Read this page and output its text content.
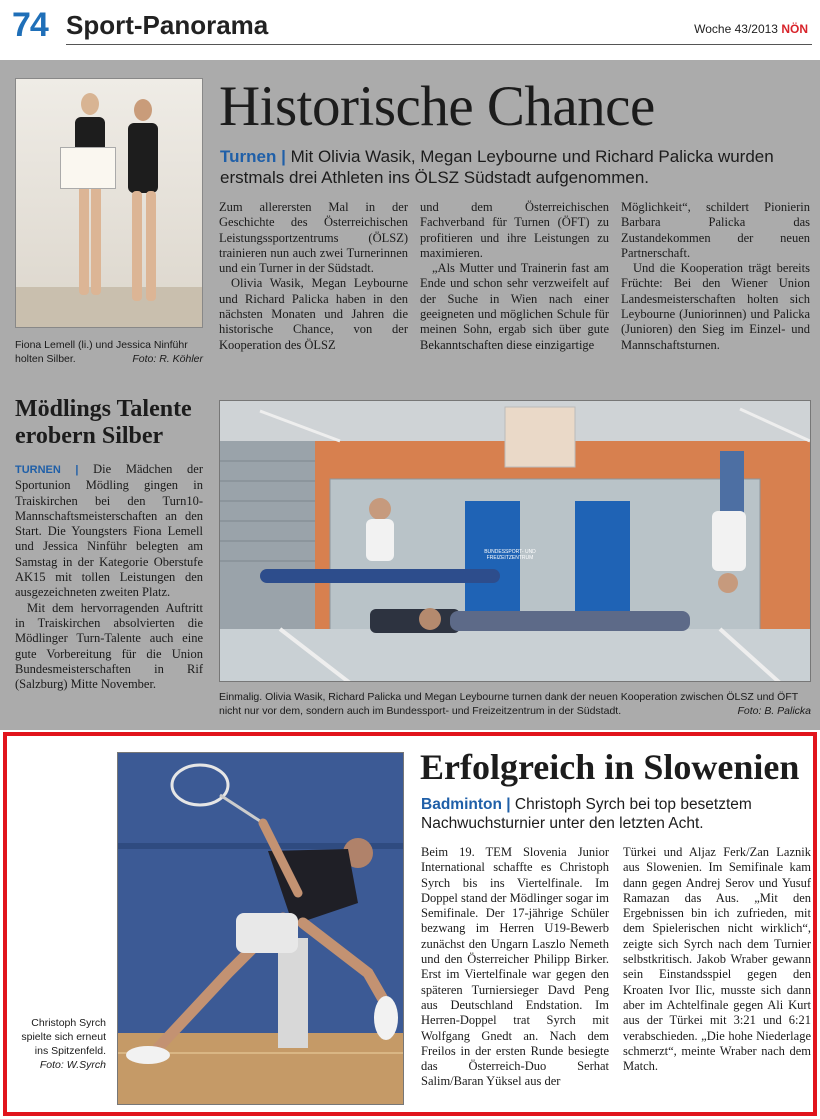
74 Sport-Panorama	Woche 43/2013 NÖN
Fiona Lemell (li.) und Jessica Ninführ holten Silber.	Foto: R. Köhler
Historische Chance
Turnen | Mit Olivia Wasik, Megan Leybourne und Richard Palicka wurden erstmals drei Athleten ins ÖLSZ Südstadt aufgenommen.

Zum allerersten Mal in der Geschichte des Österreichischen Leistungssportzentrums (ÖLSZ) trainieren nun auch zwei Turnerinnen und ein Turner in der Südstadt.

Olivia Wasik, Megan Leybourne und Richard Palicka haben in den nächsten Monaten und Jahren die historische Chance, von der Kooperation des ÖLSZ

und dem Österreichischen Fachverband für Turnen (ÖFT) zu profitieren und ihre Leistungen zu maximieren.

„Als Mutter und Trainerin fast am Ende und schon sehr verzweifelt auf der Suche in Wien nach einer geeigneten und möglichen Schule für meinen Sohn, ergab sich über gute Bekanntschaften diese einzigartige

Möglichkeit“, schildert Pionierin Barbara Palicka das Zustandekommen der neuen Partnerschaft.

Und die Kooperation trägt bereits Früchte: Bei den Wiener Union Landesmeisterschaften holten sich Leybourne (Juniorinnen) und Palicka (Junioren) den Sieg im Einzel- und Mannschaftsturnen.

Mödlings Talente erobern Silber

TURNEN | Die Mädchen der Sportunion Mödling gingen in Traiskirchen bei den Turn10-Mannschaftsmeisterschaften an den Start. Die Youngsters Fiona Lemell und Jessica Ninführ belegten am Samstag in der Kategorie Oberstufe AK15 mit tollen Leistungen den ausgezeichneten zweiten Platz.

Mit dem hervorragenden Auftritt in Traiskirchen absolvierten die Mödlinger Turn-Talente auch eine gute Vorbereitung für die Union Bundesmeisterschaften in Rif (Salzburg) Mitte November.

BUNDESSPORT- UND FREIZEITZENTRUM
Einmalig. Olivia Wasik, Richard Palicka und Megan Leybourne turnen dank der neuen Kooperation zwischen ÖLSZ und ÖFT nicht nur vor dem, sondern auch im Bundessport- und Freizeitzentrum in der Südstadt.	Foto: B. Palicka
Christoph Syrch spielte sich erneut ins Spitzenfeld.
Foto: W.Syrch
Erfolgreich in Slowenien
Badminton | Christoph Syrch bei top besetztem Nachwuchsturnier unter den letzten Acht.

Beim 19. TEM Slovenia Junior International schaffte es Christoph Syrch bis ins Viertelfinale. Im Doppel stand der Mödlinger sogar im Semifinale. Der 17-jährige Schüler bezwang im Herren U19-Bewerb zunächst den Ungarn Laszlo Nemeth und den Österreicher Philipp Birker. Erst im Viertelfinale war gegen den späteren Turniersieger Davd Peng aus Deutschland Endstation. Im Herren-Doppel trat Syrch mit Wolfgang Gnedt an. Nach dem Freilos in der ersten Runde besiegte das Österreich-Duo Serhat Salim/Baran Yüksel aus der

Türkei und Aljaz Ferk/Zan Laznik aus Slowenien. Im Semifinale kam dann gegen Andrej Serov und Yusuf Ramazan das Aus. „Mit den Ergebnissen bin ich zufrieden, mit dem Spielerischen nicht wirklich“, zeigte sich Syrch nach dem Turnier selbstkritisch. Jakob Wraber gewann sein Einstandsspiel gegen den Kroaten Ivor Ilic, musste sich dann aber im Achtelfinale gegen Ali Kurt aus der Türkei mit 3:21 und 6:21 verabschieden. „Die hohe Niederlage schmerzt“, meinte Wraber nach dem Match.
